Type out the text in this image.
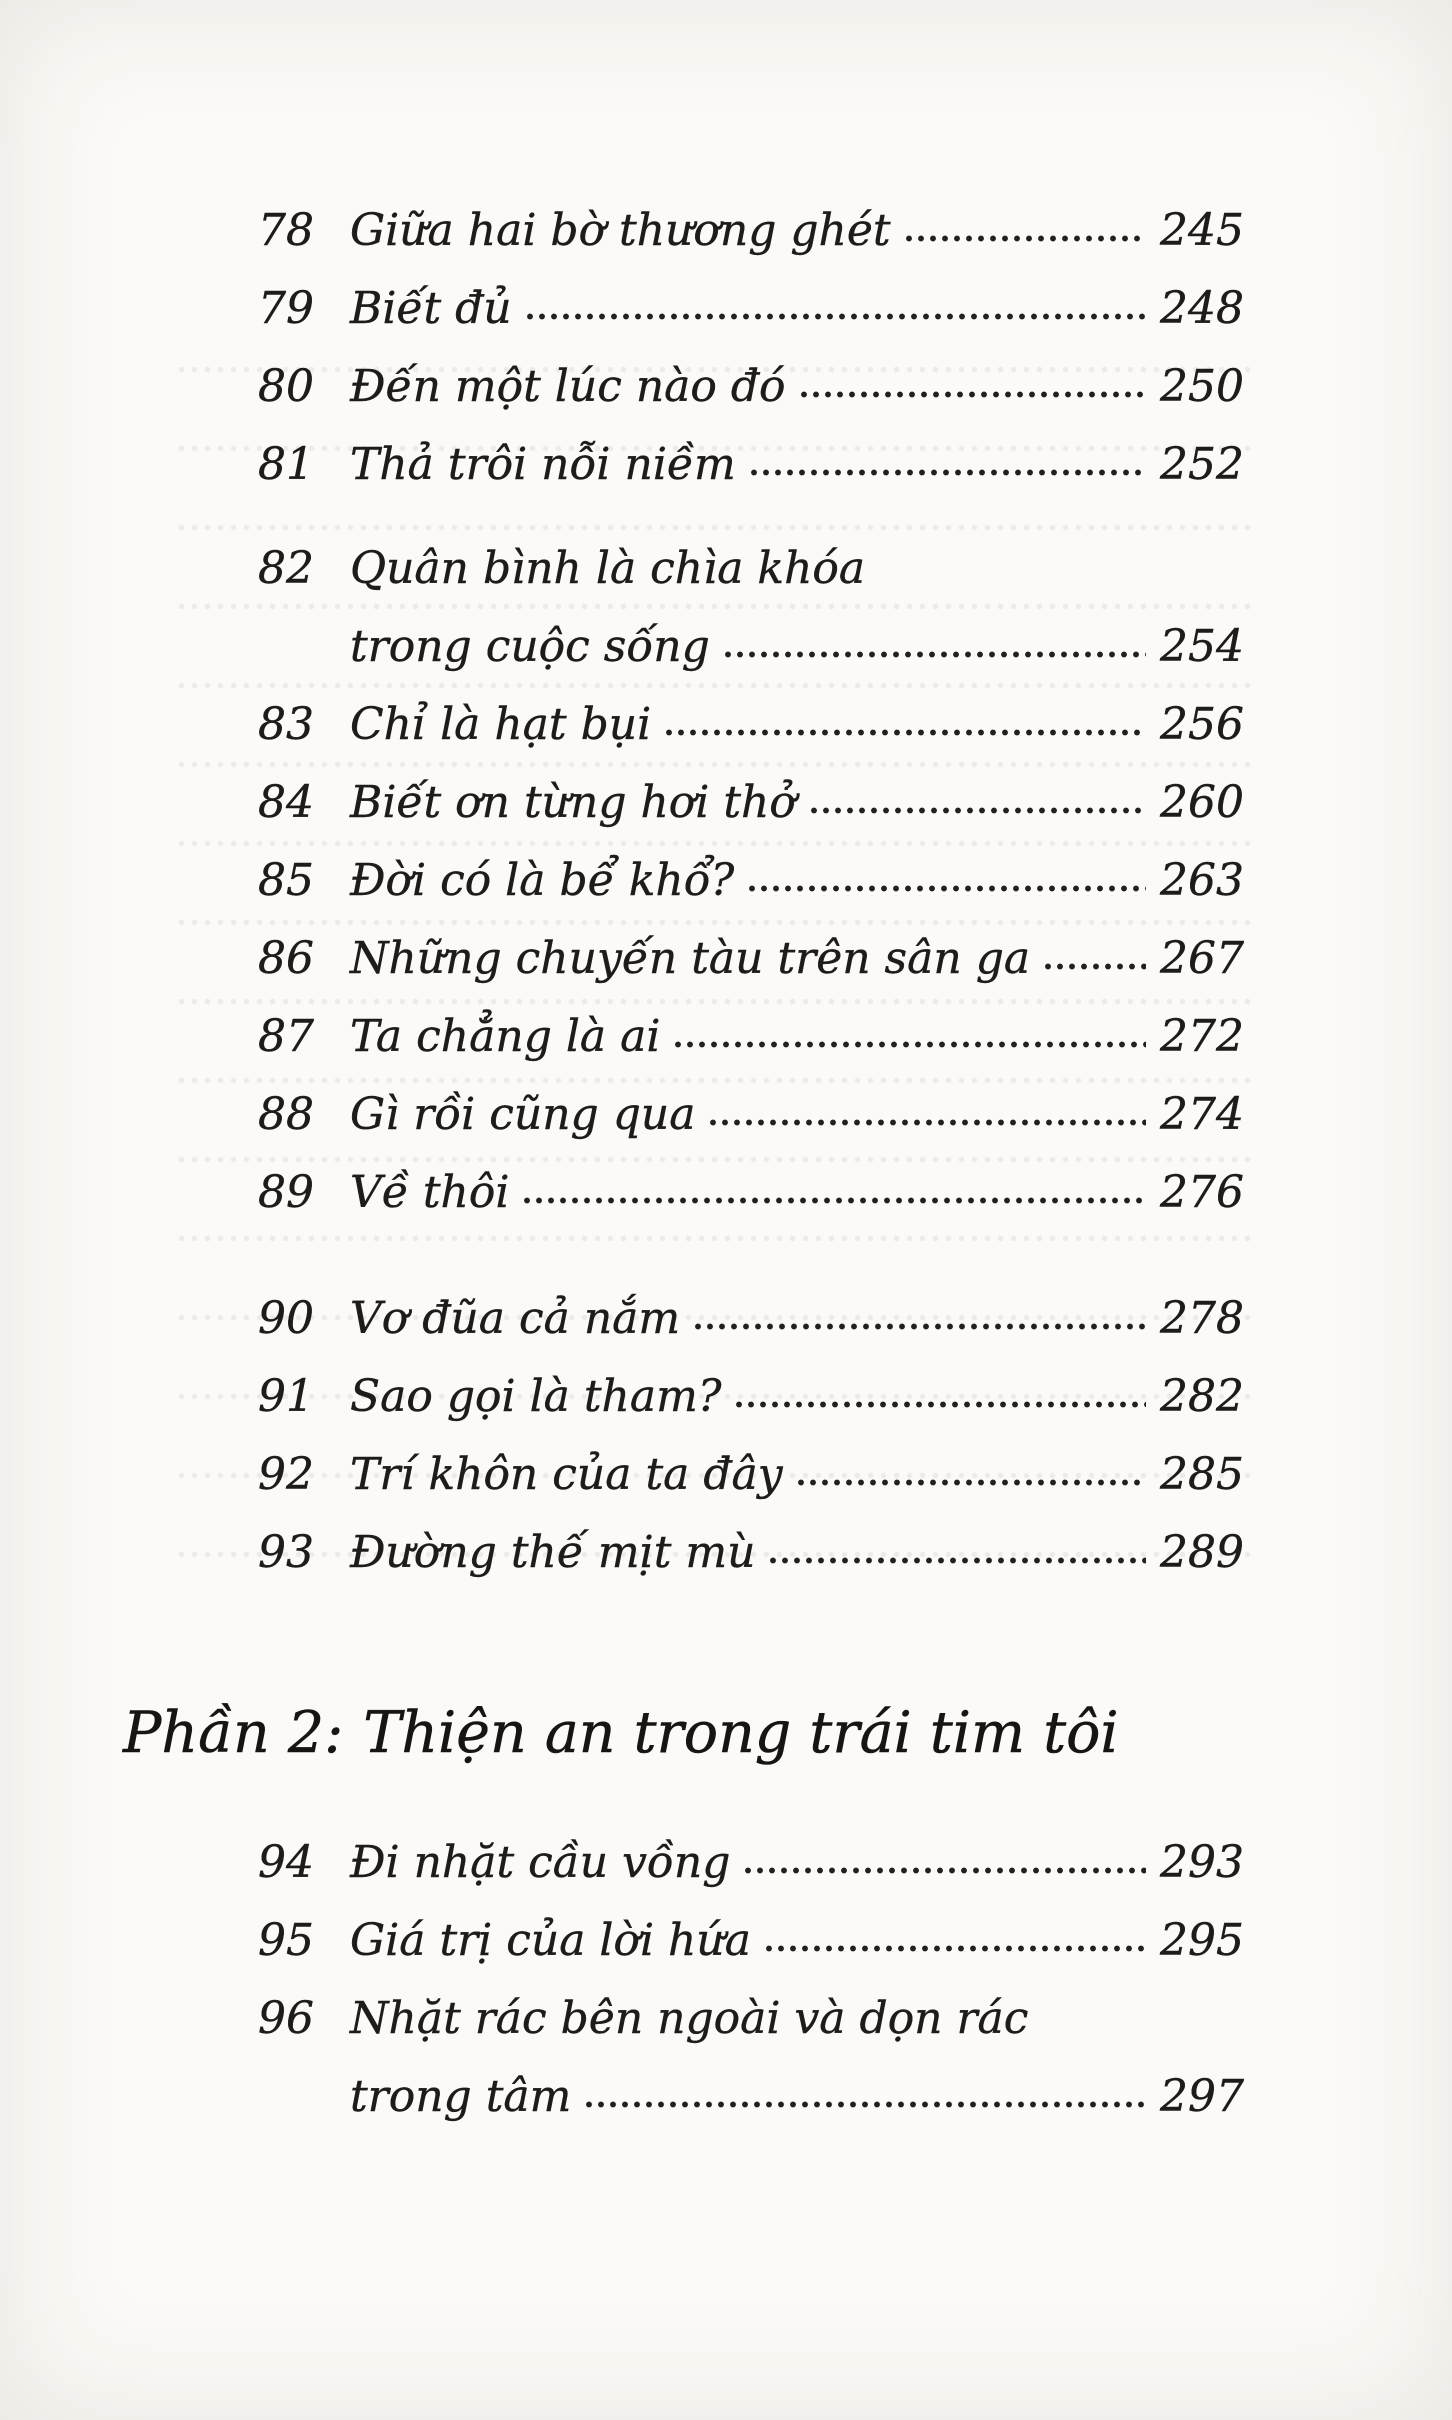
78 Giữa hai bờ thương ghét	245
79 Biết đủ	248
80 Đến một lúc nào đó	250
81 Thả trôi nỗi niềm	252
82 Quân bình là chìa khóa
trong cuộc sống	254
83 Chỉ là hạt bụi	256
84 Biết ơn từng hơi thở	260
85 Đời có là bể khổ?	263
86 Những chuyến tàu trên sân ga	267
87 Ta chẳng là ai	272
88 Gì rồi cũng qua	274
89 Về thôi	276
90 Vơ đũa cả nắm	278
91 Sao gọi là tham?	282
92 Trí khôn của ta đây	285
93 Đường thế mịt mù	289
Phần 2: Thiện an trong trái tim tôi
94 Đi nhặt cầu vồng	293
95 Giá trị của lời hứa	295
96 Nhặt rác bên ngoài và dọn rác
trong tâm	297
